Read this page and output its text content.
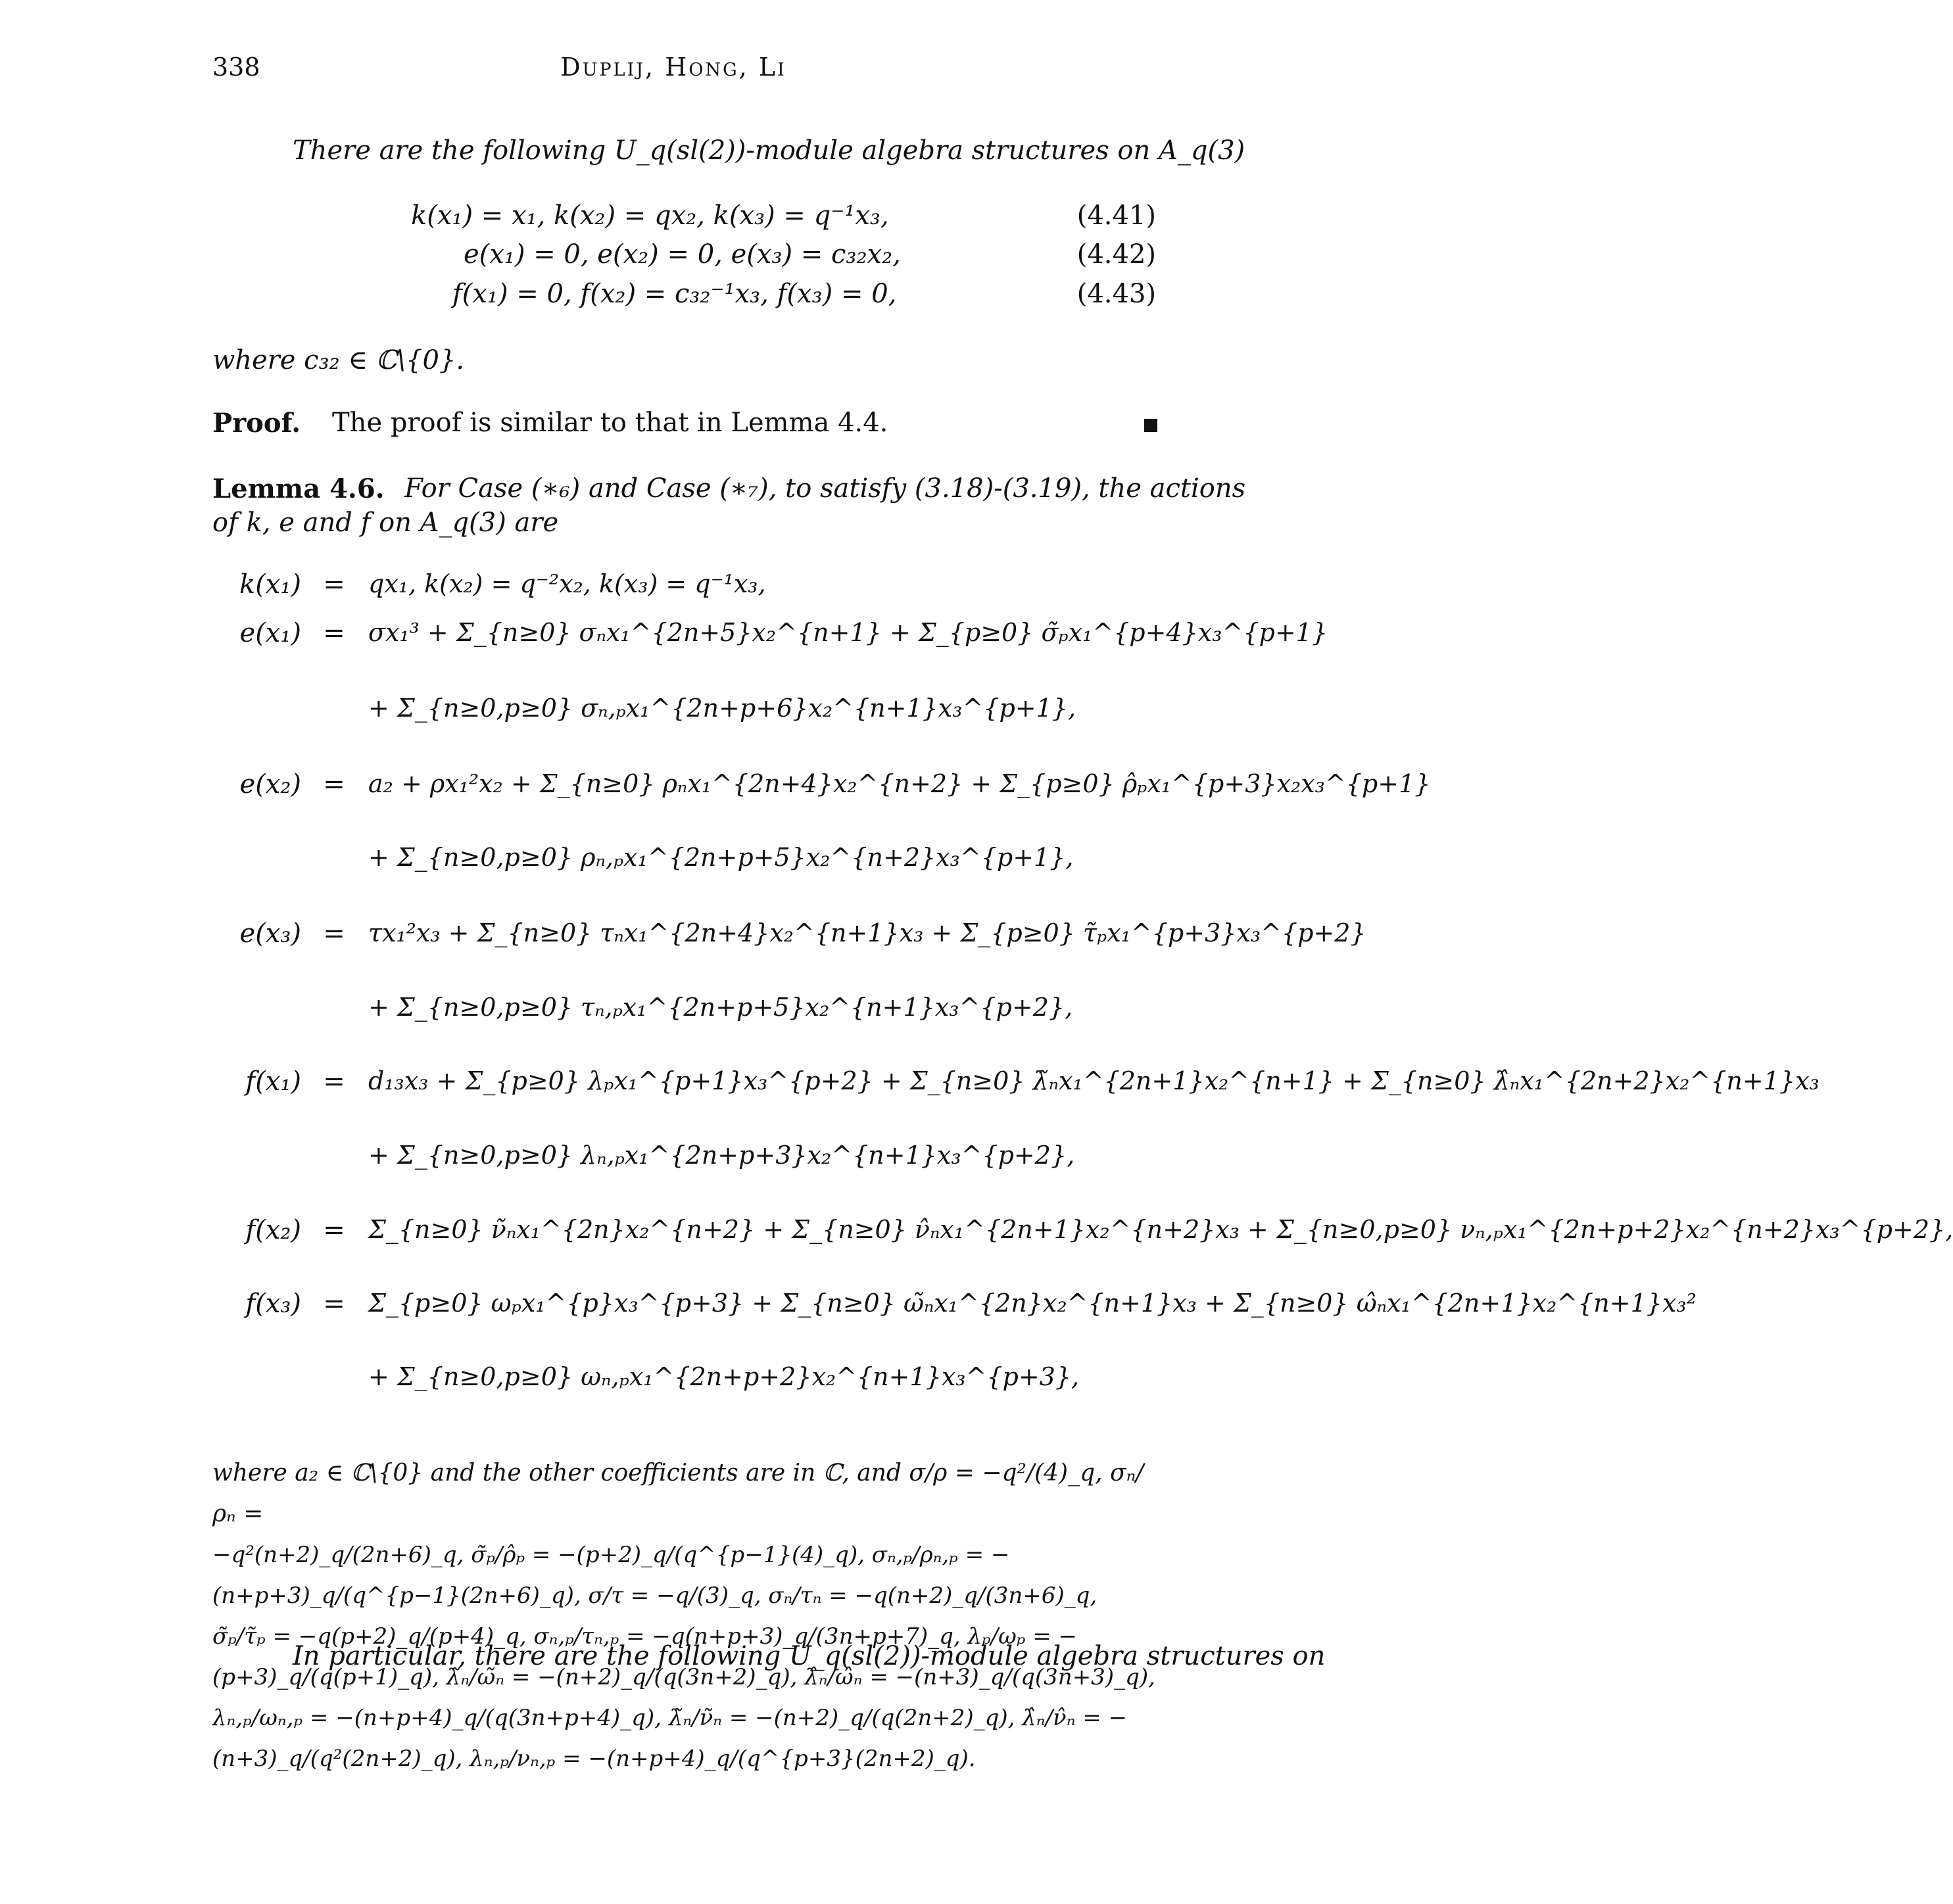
338	Duplij, Hong, Li
There are the following U_q(sl(2))-module algebra structures on A_q(3)
k(x₁) = x₁, k(x₂) = qx₂, k(x₃) = q⁻¹x₃,	(4.41)
e(x₁) = 0, e(x₂) = 0, e(x₃) = c₃₂x₂,	(4.42)
f(x₁) = 0, f(x₂) = c₃₂⁻¹x₃, f(x₃) = 0,	(4.43)
where c₃₂ ∈ ℂ\{0}.
Proof. The proof is similar to that in Lemma 4.4.
Lemma 4.6. For Case (∗₆) and Case (∗₇), to satisfy (3.18)-(3.19), the actions
of k, e and f on A_q(3) are
k(x₁) = qx₁, k(x₂) = q⁻²x₂, k(x₃) = q⁻¹x₃,
e(x₁) = σx₁³ + Σ_{n≥0} σₙx₁^{2n+5}x₂^{n+1} + Σ_{p≥0} σ̃ₚx₁^{p+4}x₃^{p+1}
+ Σ_{n≥0,p≥0} σₙ,ₚx₁^{2n+p+6}x₂^{n+1}x₃^{p+1},
e(x₂) = a₂ + ρx₁²x₂ + Σ_{n≥0} ρₙx₁^{2n+4}x₂^{n+2} + Σ_{p≥0} ρ̂ₚx₁^{p+3}x₂x₃^{p+1}
+ Σ_{n≥0,p≥0} ρₙ,ₚx₁^{2n+p+5}x₂^{n+2}x₃^{p+1},
e(x₃) = τx₁²x₃ + Σ_{n≥0} τₙx₁^{2n+4}x₂^{n+1}x₃ + Σ_{p≥0} τ̃ₚx₁^{p+3}x₃^{p+2}
+ Σ_{n≥0,p≥0} τₙ,ₚx₁^{2n+p+5}x₂^{n+1}x₃^{p+2},
f(x₁) = d₁₃x₃ + Σ_{p≥0} λₚx₁^{p+1}x₃^{p+2} + Σ_{n≥0} λ̃ₙx₁^{2n+1}x₂^{n+1} + Σ_{n≥0} λ̂ₙx₁^{2n+2}x₂^{n+1}x₃
+ Σ_{n≥0,p≥0} λₙ,ₚx₁^{2n+p+3}x₂^{n+1}x₃^{p+2},
f(x₂) = Σ_{n≥0} ν̃ₙx₁^{2n}x₂^{n+2} + Σ_{n≥0} ν̂ₙx₁^{2n+1}x₂^{n+2}x₃ + Σ_{n≥0,p≥0} νₙ,ₚx₁^{2n+p+2}x₂^{n+2}x₃^{p+2},
f(x₃) = Σ_{p≥0} ωₚx₁^{p}x₃^{p+3} + Σ_{n≥0} ω̃ₙx₁^{2n}x₂^{n+1}x₃ + Σ_{n≥0} ω̂ₙx₁^{2n+1}x₂^{n+1}x₃²
+ Σ_{n≥0,p≥0} ωₙ,ₚx₁^{2n+p+2}x₂^{n+1}x₃^{p+3},
where a₂ ∈ ℂ\{0} and the other coefficients are in ℂ, and σ/ρ = −q²/(4)_q, σₙ/ρₙ =
−q²(n+2)_q/(2n+6)_q, σ̃ₚ/ρ̂ₚ = −(p+2)_q/(q^{p−1}(4)_q), σₙ,ₚ/ρₙ,ₚ = −(n+p+3)_q/(q^{p−1}(2n+6)_q), σ/τ = −q/(3)_q, σₙ/τₙ = −q(n+2)_q/(3n+6)_q,
σ̃ₚ/τ̃ₚ = −q(p+2)_q/(p+4)_q, σₙ,ₚ/τₙ,ₚ = −q(n+p+3)_q/(3n+p+7)_q, λₚ/ωₚ = −(p+3)_q/(q(p+1)_q), λ̃ₙ/ω̃ₙ = −(n+2)_q/(q(3n+2)_q), λ̂ₙ/ω̂ₙ = −(n+3)_q/(q(3n+3)_q),
λₙ,ₚ/ωₙ,ₚ = −(n+p+4)_q/(q(3n+p+4)_q), λ̃ₙ/ν̃ₙ = −(n+2)_q/(q(2n+2)_q), λ̂ₙ/ν̂ₙ = −(n+3)_q/(q²(2n+2)_q), λₙ,ₚ/νₙ,ₚ = −(n+p+4)_q/(q^{p+3}(2n+2)_q).
In particular, there are the following U_q(sl(2))-module algebra structures on
